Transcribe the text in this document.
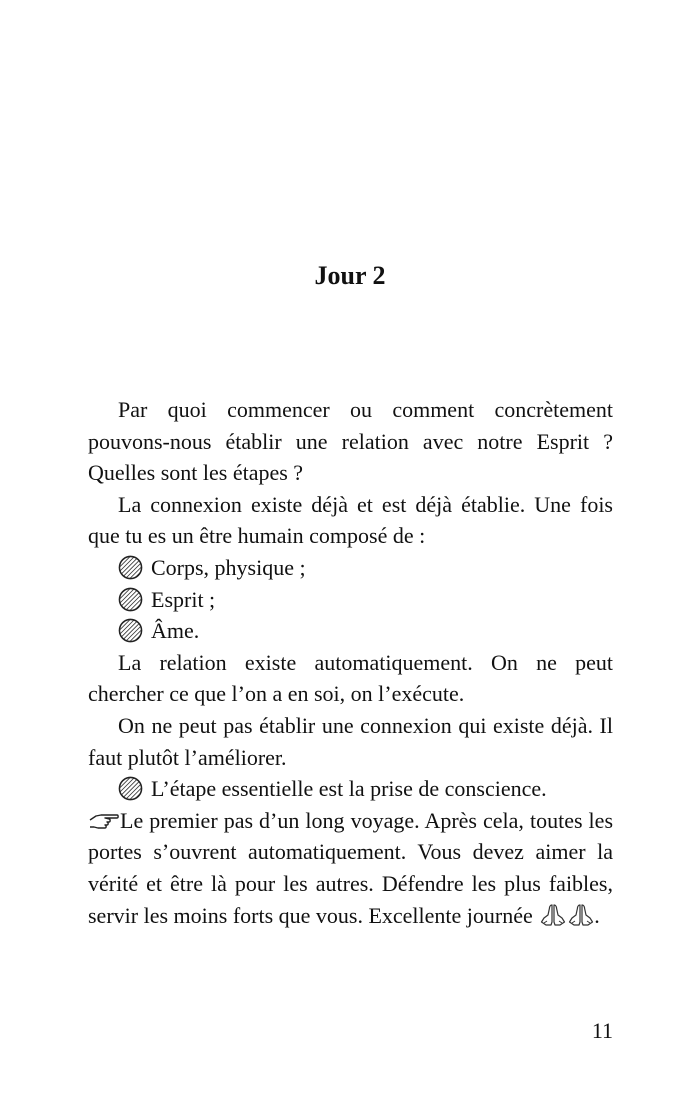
Jour 2

Par quoi commencer ou comment concrètement pouvons-nous établir une relation avec notre Esprit ? Quelles sont les étapes ?

La connexion existe déjà et est déjà établie. Une fois que tu es un être humain composé de :

Corps, physique ;
Esprit ;
Âme.

La relation existe automatiquement. On ne peut chercher ce que l’on a en soi, on l’exécute.

On ne peut pas établir une connexion qui existe déjà. Il faut plutôt l’améliorer.

L’étape essentielle est la prise de conscience.

Le premier pas d’un long voyage. Après cela, toutes les portes s’ouvrent automatiquement. Vous devez aimer la vérité et être là pour les autres. Défendre les plus faibles, servir les moins forts que vous. Excellente journée	.

11
